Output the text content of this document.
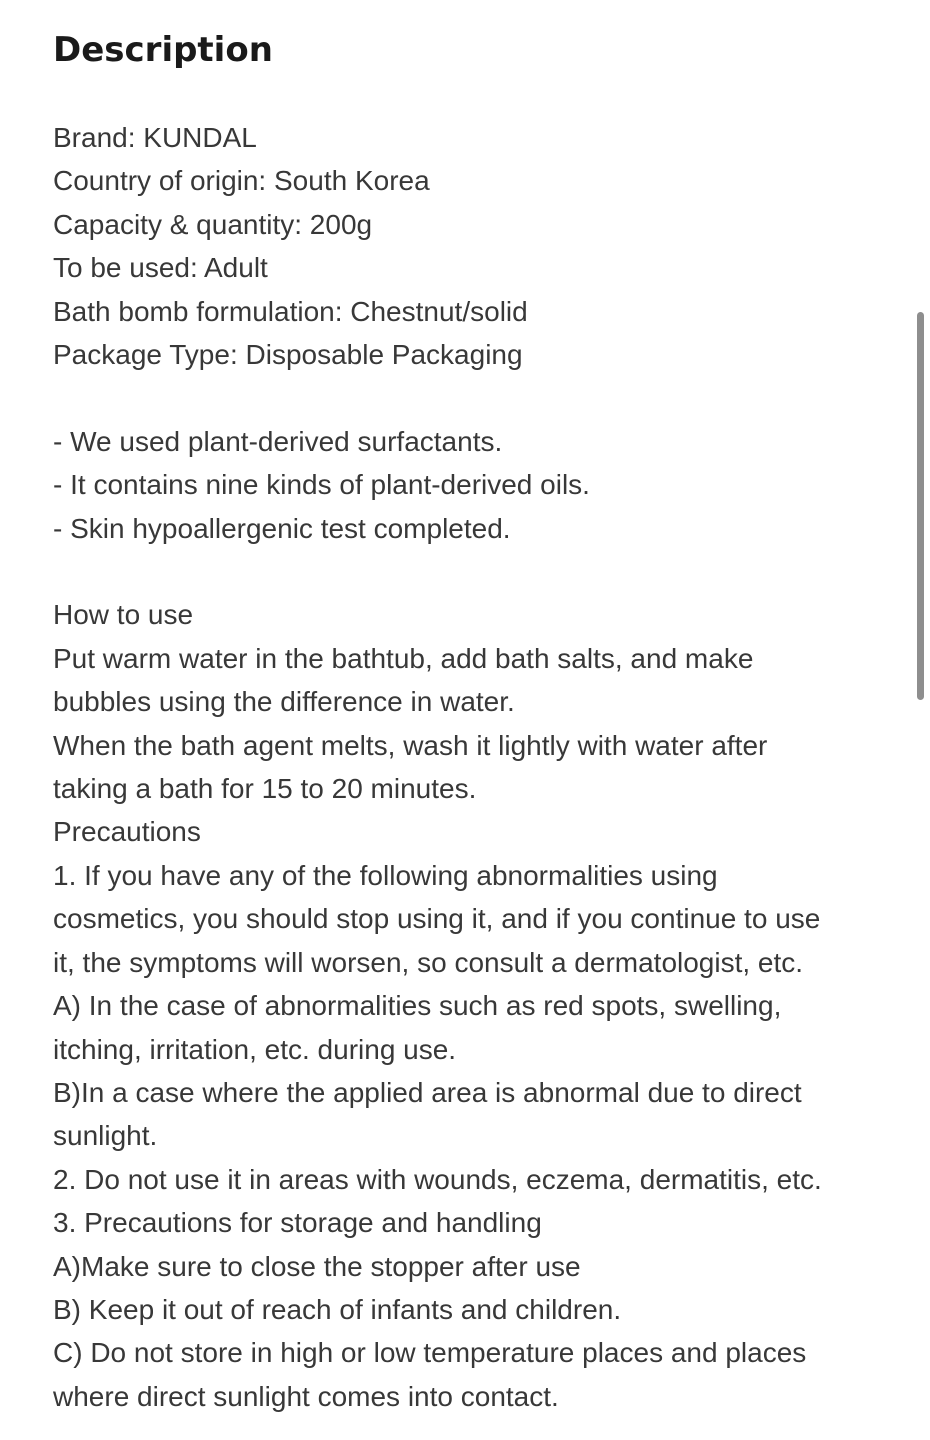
Description
Brand: KUNDAL
Country of origin: South Korea
Capacity & quantity: 200g
To be used: Adult
Bath bomb formulation: Chestnut/solid
Package Type: Disposable Packaging
- We used plant-derived surfactants.
- It contains nine kinds of plant-derived oils.
- Skin hypoallergenic test completed.
How to use
Put warm water in the bathtub, add bath salts, and make
bubbles using the difference in water.
When the bath agent melts, wash it lightly with water after
taking a bath for 15 to 20 minutes.
Precautions
1. If you have any of the following abnormalities using
cosmetics, you should stop using it, and if you continue to use
it, the symptoms will worsen, so consult a dermatologist, etc.
A) In the case of abnormalities such as red spots, swelling,
itching, irritation, etc. during use.
B)In a case where the applied area is abnormal due to direct
sunlight.
2. Do not use it in areas with wounds, eczema, dermatitis, etc.
3. Precautions for storage and handling
A)Make sure to close the stopper after use
B) Keep it out of reach of infants and children.
C) Do not store in high or low temperature places and places
where direct sunlight comes into contact.
